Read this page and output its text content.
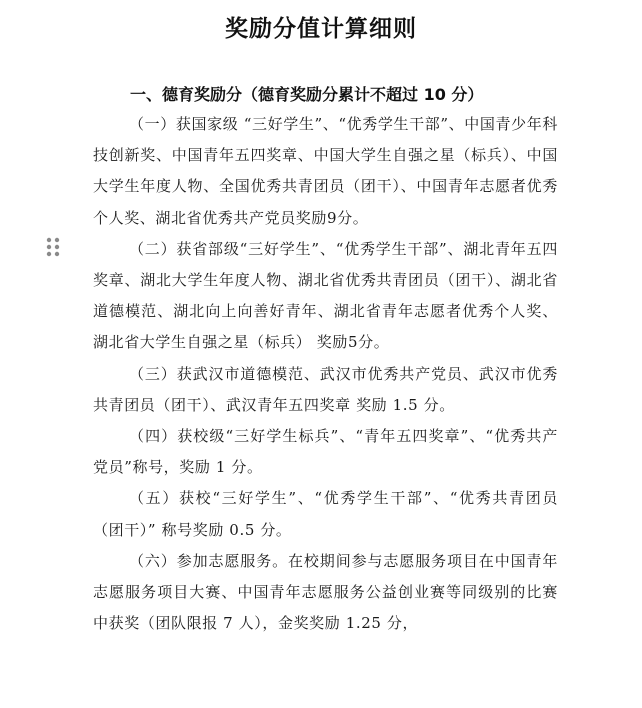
奖励分值计算细则
一、德育奖励分（德育奖励分累计不超过 10 分）

（一）获国家级 “三好学生”、“优秀学生干部”、中国青少年科技创新奖、中国青年五四奖章、中国大学生自强之星（标兵）、中国大学生年度人物、全国优秀共青团员（团干）、中国青年志愿者优秀个人奖、湖北省优秀共产党员奖励9分。

（二）获省部级“三好学生”、“优秀学生干部”、湖北青年五四奖章、湖北大学生年度人物、湖北省优秀共青团员（团干）、湖北省道德模范、湖北向上向善好青年、湖北省青年志愿者优秀个人奖、湖北省大学生自强之星（标兵） 奖励5分。

（三）获武汉市道德模范、武汉市优秀共产党员、武汉市优秀共青团员（团干）、武汉青年五四奖章 奖励 1.5 分。

（四）获校级“三好学生标兵”、“青年五四奖章”、“优秀共产党员”称号，奖励 1 分。

（五）获校“三好学生”、“优秀学生干部”、“优秀共青团员（团干）” 称号奖励 0.5 分。

（六）参加志愿服务。在校期间参与志愿服务项目在中国青年志愿服务项目大赛、中国青年志愿服务公益创业赛等同级别的比赛中获奖（团队限报 7 人），金奖奖励 1.25 分，
